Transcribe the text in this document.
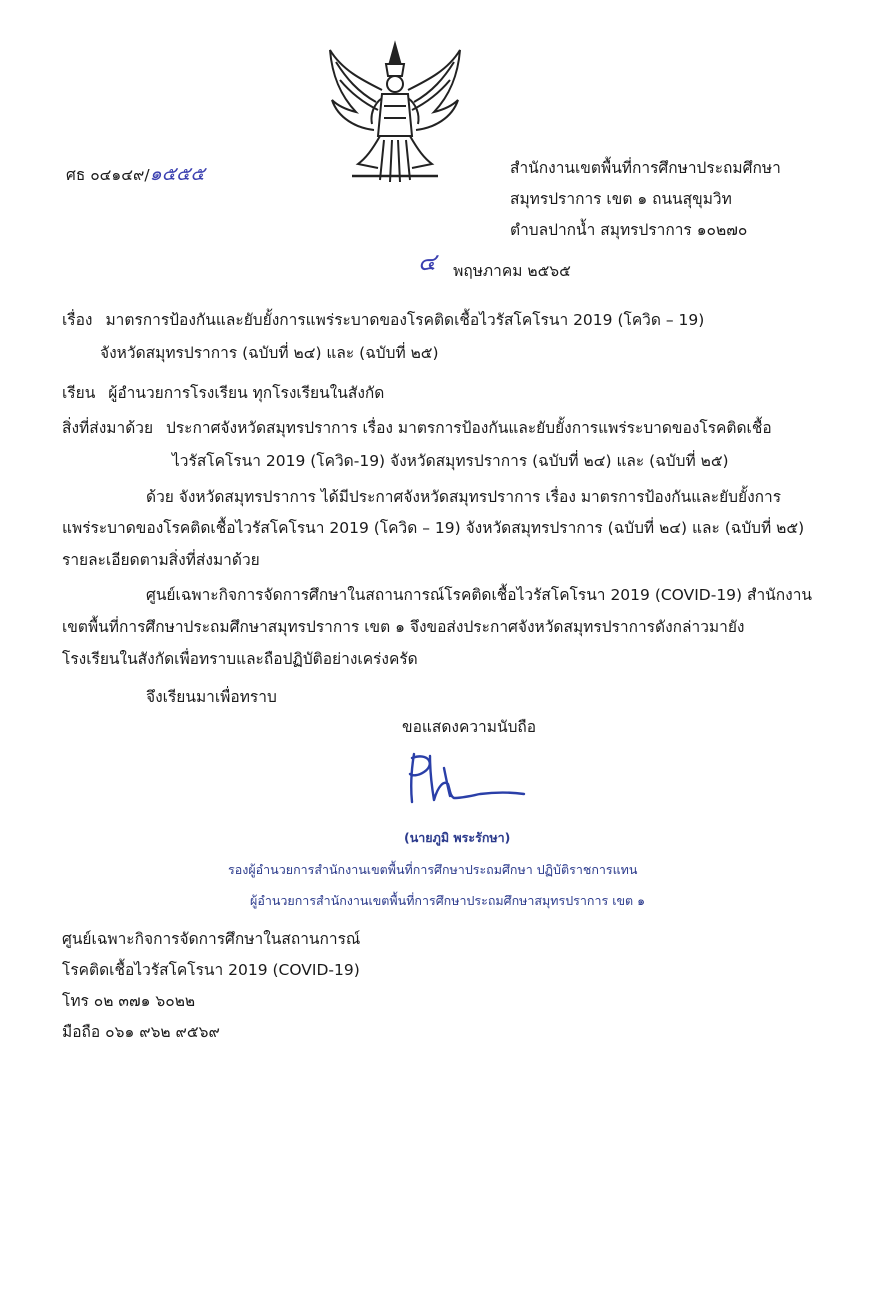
ศธ ๐๔๑๔๙/๑๕๕๕	สำนักงานเขตพื้นที่การศึกษาประถมศึกษา
สมุทรปราการ เขต ๑ ถนนสุขุมวิท
ตำบลปากน้ำ สมุทรปราการ ๑๐๒๗๐
๔ พฤษภาคม ๒๕๖๕
เรื่อง มาตรการป้องกันและยับยั้งการแพร่ระบาดของโรคติดเชื้อไวรัสโคโรนา 2019 (โควิด – 19)
จังหวัดสมุทรปราการ (ฉบับที่ ๒๔) และ (ฉบับที่ ๒๕)
เรียน ผู้อำนวยการโรงเรียน ทุกโรงเรียนในสังกัด
สิ่งที่ส่งมาด้วย ประกาศจังหวัดสมุทรปราการ เรื่อง มาตรการป้องกันและยับยั้งการแพร่ระบาดของโรคติดเชื้อ
ไวรัสโคโรนา 2019 (โควิด-19) จังหวัดสมุทรปราการ (ฉบับที่ ๒๔) และ (ฉบับที่ ๒๕)
ด้วย จังหวัดสมุทรปราการ ได้มีประกาศจังหวัดสมุทรปราการ เรื่อง มาตรการป้องกันและยับยั้งการ
แพร่ระบาดของโรคติดเชื้อไวรัสโคโรนา 2019 (โควิด – 19) จังหวัดสมุทรปราการ (ฉบับที่ ๒๔) และ (ฉบับที่ ๒๕)
รายละเอียดตามสิ่งที่ส่งมาด้วย
ศูนย์เฉพาะกิจการจัดการศึกษาในสถานการณ์โรคติดเชื้อไวรัสโคโรนา 2019 (COVID-19) สำนักงาน
เขตพื้นที่การศึกษาประถมศึกษาสมุทรปราการ เขต ๑ จึงขอส่งประกาศจังหวัดสมุทรปราการดังกล่าวมายัง
โรงเรียนในสังกัดเพื่อทราบและถือปฏิบัติอย่างเคร่งครัด
จึงเรียนมาเพื่อทราบ
ขอแสดงความนับถือ
(นายภูมิ พระรักษา)
รองผู้อำนวยการสำนักงานเขตพื้นที่การศึกษาประถมศึกษา ปฏิบัติราชการแทน
ผู้อำนวยการสำนักงานเขตพื้นที่การศึกษาประถมศึกษาสมุทรปราการ เขต ๑
ศูนย์เฉพาะกิจการจัดการศึกษาในสถานการณ์
โรคติดเชื้อไวรัสโคโรนา 2019 (COVID-19)
โทร ๐๒ ๓๗๑ ๖๐๒๒
มือถือ ๐๖๑ ๙๖๒ ๙๕๖๙
